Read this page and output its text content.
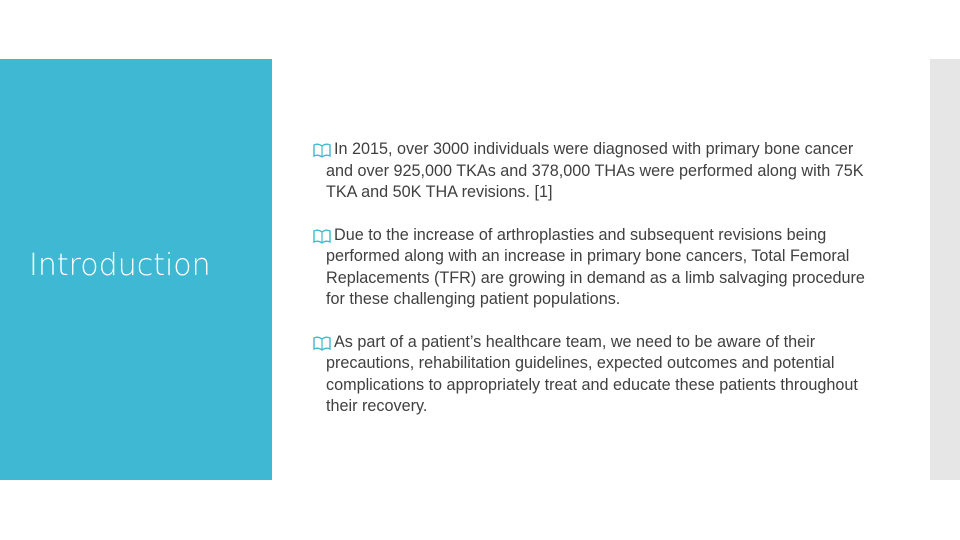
Introduction
In 2015, over 3000 individuals were diagnosed with primary bone cancer and over 925,000 TKAs and 378,000 THAs were performed along with 75K TKA and 50K THA revisions. [1]
Due to the increase of arthroplasties and subsequent revisions being performed along with an increase in primary bone cancers, Total Femoral Replacements (TFR) are growing in demand as a limb salvaging procedure for these challenging patient populations.
As part of a patient’s healthcare team, we need to be aware of their precautions, rehabilitation guidelines, expected outcomes and potential complications to appropriately treat and educate these patients throughout their recovery.
